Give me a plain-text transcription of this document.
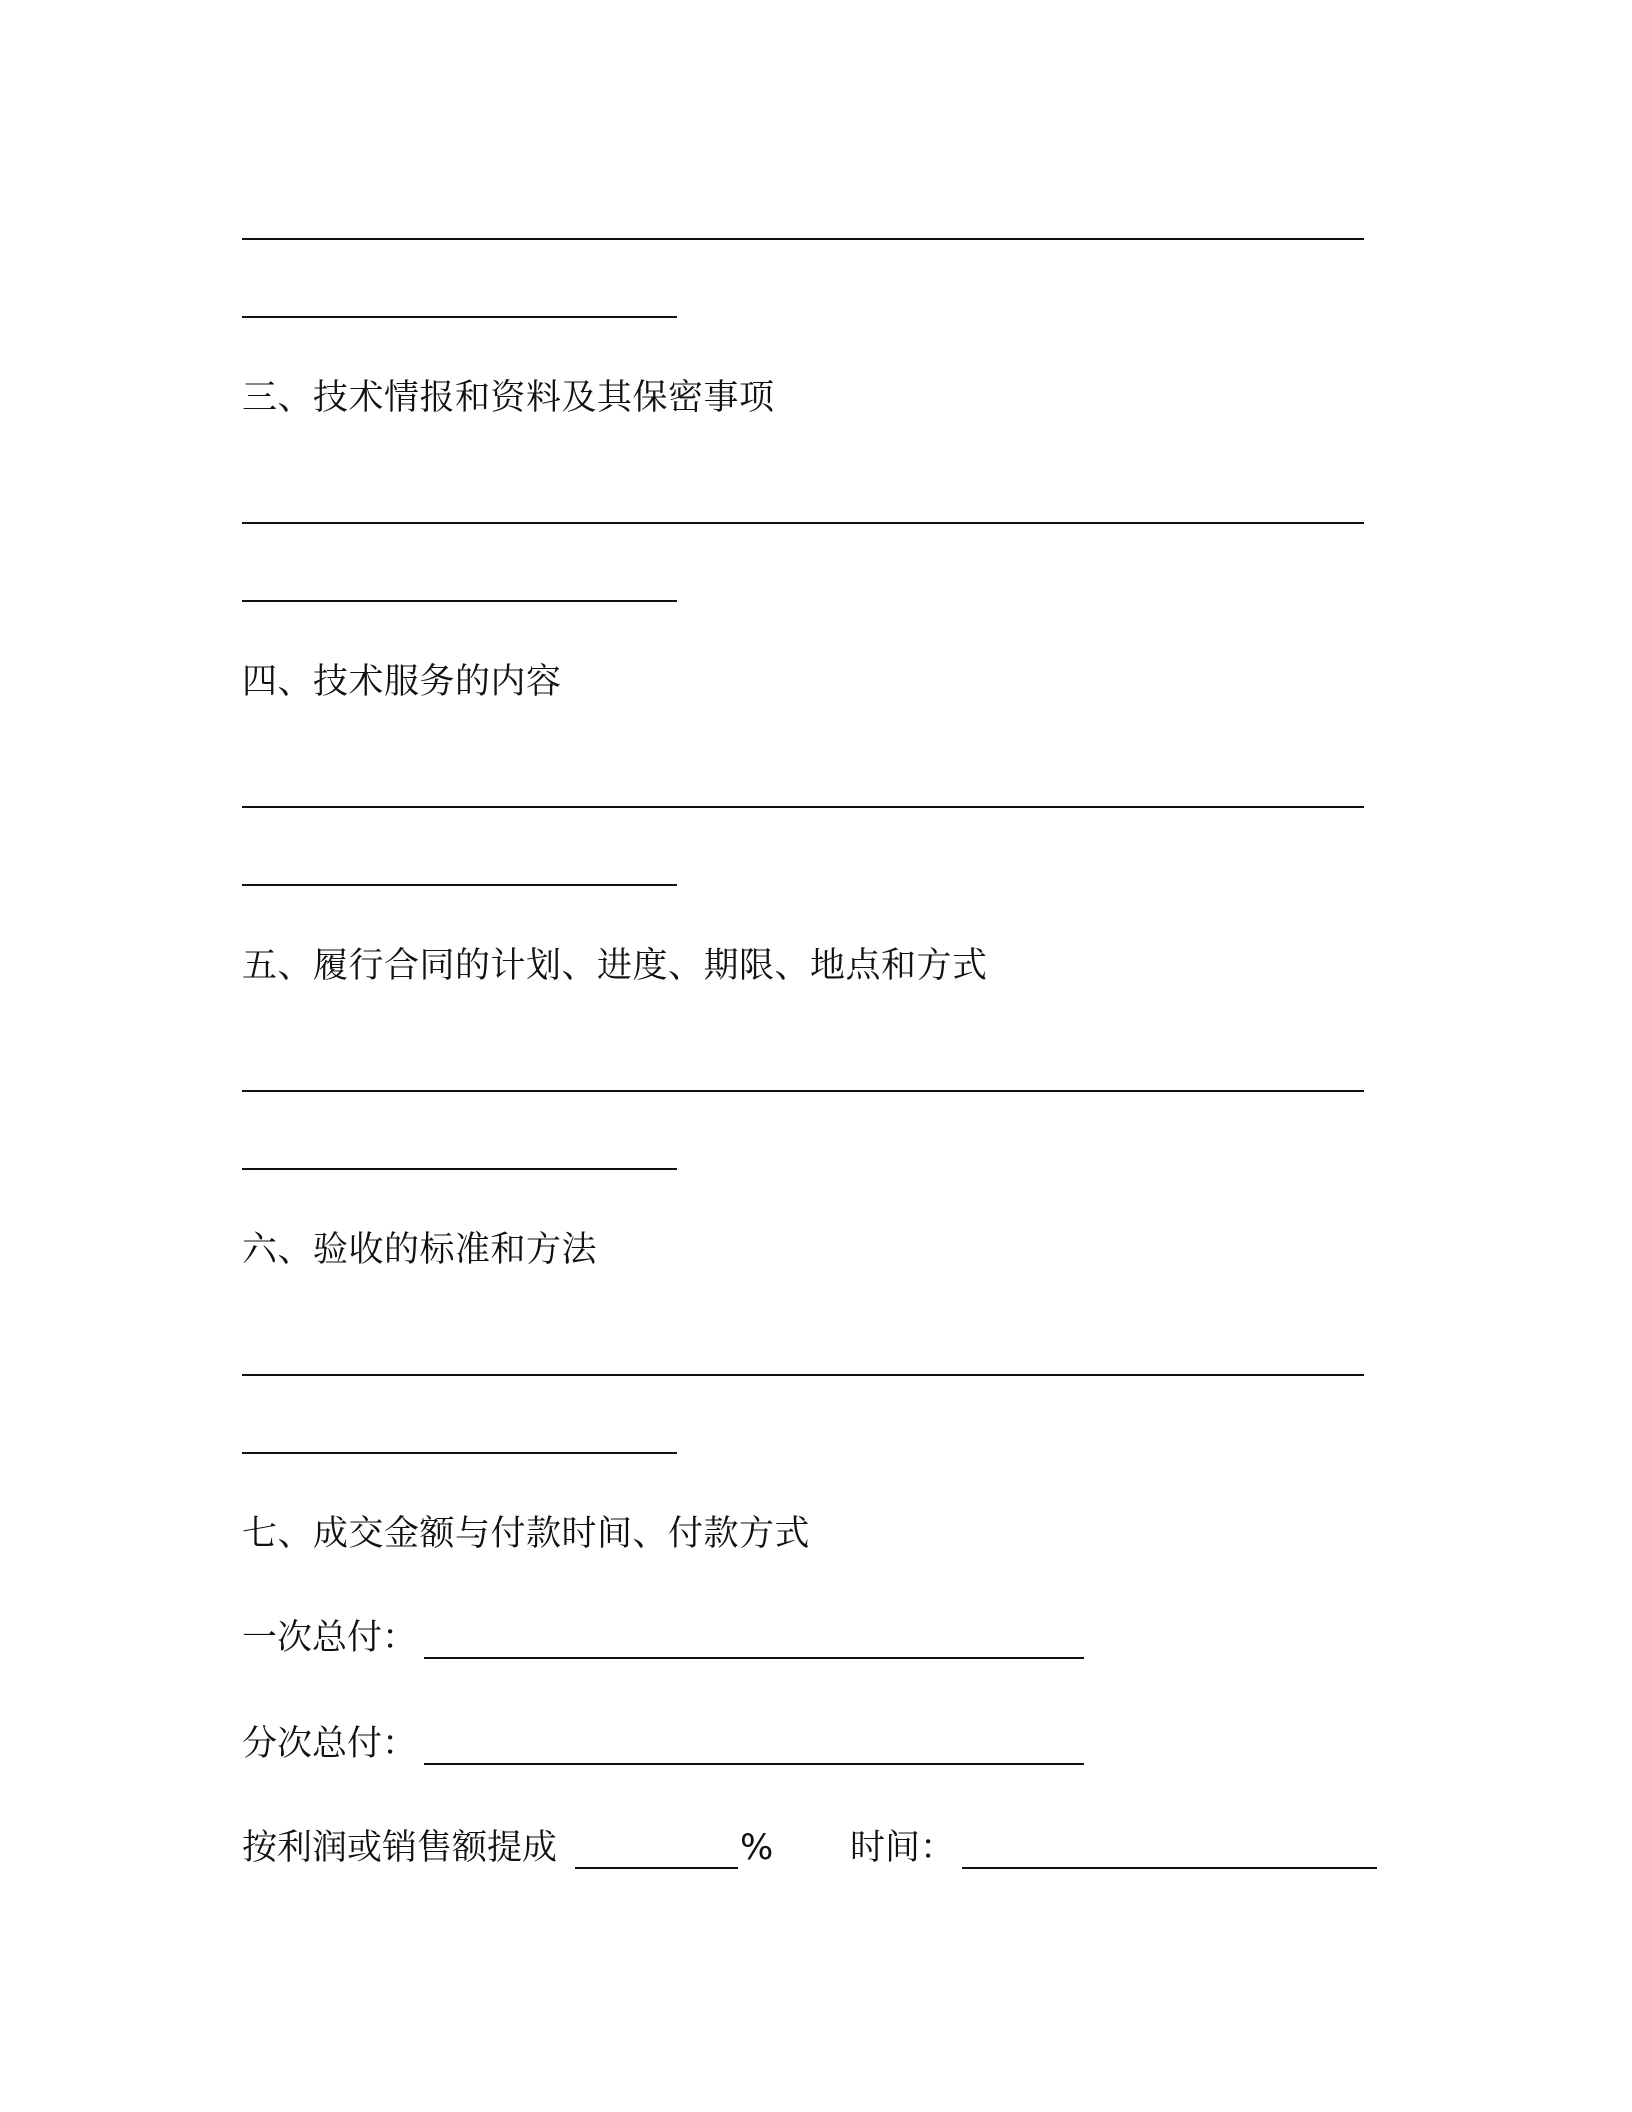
三、技术情报和资料及其保密事项
四、技术服务的内容
五、履行合同的计划、进度、期限、地点和方式
六、验收的标准和方法
七、成交金额与付款时间、付款方式
一次总付：
分次总付：
按利润或销售额提成	% 时间：
